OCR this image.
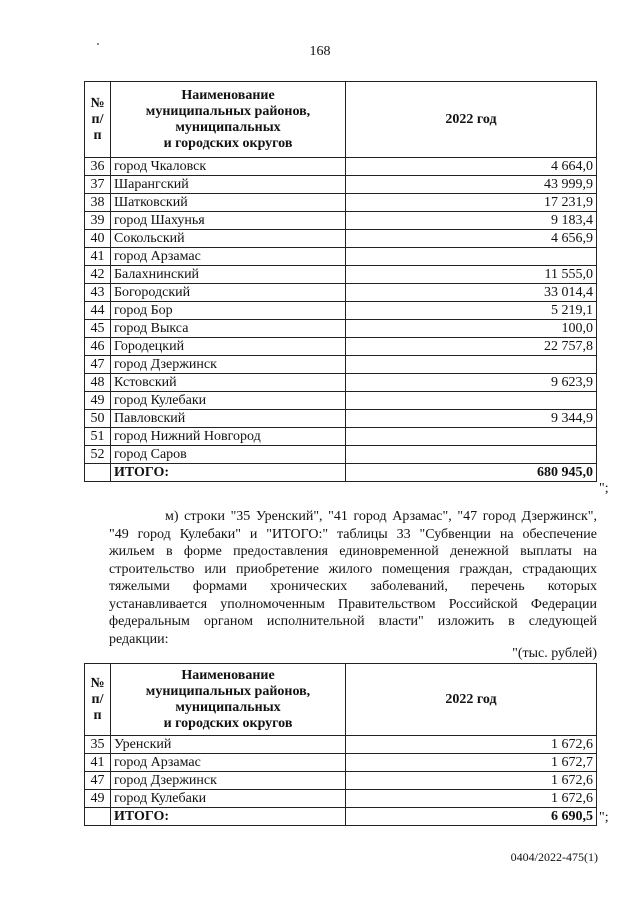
168
№ п/п	Наименование
муниципальных районов,
муниципальных
и городских округов	2022 год
36	город Чкаловск	4 664,0
37	Шарангский	43 999,9
38	Шатковский	17 231,9
39	город Шахунья	9 183,4
40	Сокольский	4 656,9
41	город Арзамас	
42	Балахнинский	11 555,0
43	Богородский	33 014,4
44	город Бор	5 219,1
45	город Выкса	100,0
46	Городецкий	22 757,8
47	город Дзержинск	
48	Кстовский	9 623,9
49	город Кулебаки	
50	Павловский	9 344,9
51	город Нижний Новгород	
52	город Саров	
	ИТОГО:	680 945,0
";
м) строки "35 Уренский", "41 город Арзамас", "47 город Дзержинск", "49 город Кулебаки" и "ИТОГО:" таблицы 33 "Субвенции на обеспечение жильем в форме предоставления единовременной денежной выплаты на строительство или приобретение жилого помещения граждан, страдающих тяжелыми формами хронических заболеваний, перечень которых устанавливается уполномоченным Правительством Российской Федерации федеральным органом исполнительной власти" изложить в следующей редакции:
"(тыс. рублей)
№ п/п	Наименование
муниципальных районов,
муниципальных
и городских округов	2022 год
35	Уренский	1 672,6
41	город Арзамас	1 672,7
47	город Дзержинск	1 672,6
49	город Кулебаки	1 672,6
	ИТОГО:	6 690,5 ";
0404/2022-475(1)
